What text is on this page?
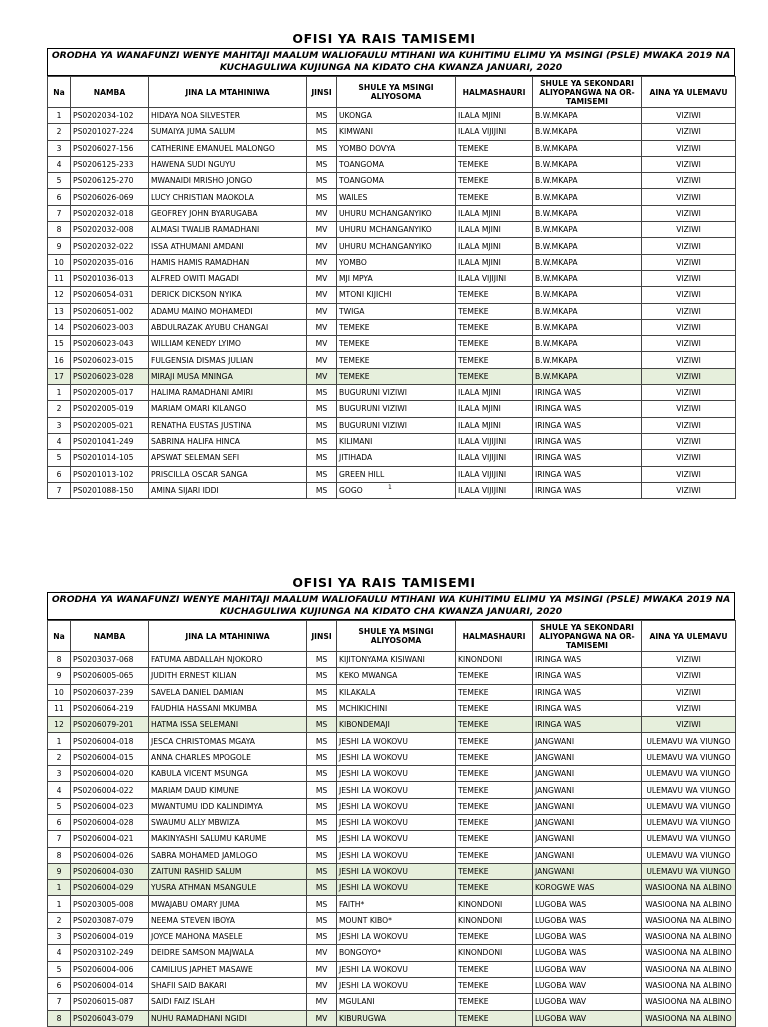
OFISI YA RAIS TAMISEMI
ORODHA YA WANAFUNZI WENYE MAHITAJI MAALUM WALIOFAULU MTIHANI WA KUHITIMU ELIMU YA MSINGI (PSLE) MWAKA 2019 NA KUCHAGULIWA KUJIUNGA NA KIDATO CHA KWANZA JANUARI, 2020
Na	NAMBA	JINA LA MTAHINIWA	JINSI	SHULE YA MSINGI ALIYOSOMA	HALMASHAURI	SHULE YA SEKONDARI ALIYOPANGWA NA OR-TAMISEMI	AINA YA ULEMAVU
1	PS0202034-102	HIDAYA NOA SILVESTER	MS	UKONGA	ILALA MJINI	B.W.MKAPA	VIZIWI
2	PS0201027-224	SUMAIYA JUMA SALUM	MS	KIMWANI	ILALA VIJIJINI	B.W.MKAPA	VIZIWI
3	PS0206027-156	CATHERINE EMANUEL MALONGO	MS	YOMBO DOVYA	TEMEKE	B.W.MKAPA	VIZIWI
4	PS0206125-233	HAWENA SUDI NGUYU	MS	TOANGOMA	TEMEKE	B.W.MKAPA	VIZIWI
5	PS0206125-270	MWANAIDI MRISHO JONGO	MS	TOANGOMA	TEMEKE	B.W.MKAPA	VIZIWI
6	PS0206026-069	LUCY CHRISTIAN MAOKOLA	MS	WAILES	TEMEKE	B.W.MKAPA	VIZIWI
7	PS0202032-018	GEOFREY JOHN BYARUGABA	MV	UHURU MCHANGANYIKO	ILALA MJINI	B.W.MKAPA	VIZIWI
8	PS0202032-008	ALMASI TWALIB RAMADHANI	MV	UHURU MCHANGANYIKO	ILALA MJINI	B.W.MKAPA	VIZIWI
9	PS0202032-022	ISSA ATHUMANI AMDANI	MV	UHURU MCHANGANYIKO	ILALA MJINI	B.W.MKAPA	VIZIWI
10	PS0202035-016	HAMIS HAMIS RAMADHAN	MV	YOMBO	ILALA MJINI	B.W.MKAPA	VIZIWI
11	PS0201036-013	ALFRED OWITI MAGADI	MV	MJI MPYA	ILALA VIJIJINI	B.W.MKAPA	VIZIWI
12	PS0206054-031	DERICK DICKSON NYIKA	MV	MTONI KIJICHI	TEMEKE	B.W.MKAPA	VIZIWI
13	PS0206051-002	ADAMU MAINO MOHAMEDI	MV	TWIGA	TEMEKE	B.W.MKAPA	VIZIWI
14	PS0206023-003	ABDULRAZAK AYUBU CHANGAI	MV	TEMEKE	TEMEKE	B.W.MKAPA	VIZIWI
15	PS0206023-043	WILLIAM KENEDY LYIMO	MV	TEMEKE	TEMEKE	B.W.MKAPA	VIZIWI
16	PS0206023-015	FULGENSIA DISMAS JULIAN	MV	TEMEKE	TEMEKE	B.W.MKAPA	VIZIWI
17	PS0206023-028	MIRAJI MUSA MNINGA	MV	TEMEKE	TEMEKE	B.W.MKAPA	VIZIWI
1	PS0202005-017	HALIMA RAMADHANI AMIRI	MS	BUGURUNI VIZIWI	ILALA MJINI	IRINGA WAS	VIZIWI
2	PS0202005-019	MARIAM OMARI KILANGO	MS	BUGURUNI VIZIWI	ILALA MJINI	IRINGA WAS	VIZIWI
3	PS0202005-021	RENATHA EUSTAS JUSTINA	MS	BUGURUNI VIZIWI	ILALA MJINI	IRINGA WAS	VIZIWI
4	PS0201041-249	SABRINA HALIFA HINCA	MS	KILIMANI	ILALA VIJIJINI	IRINGA WAS	VIZIWI
5	PS0201014-105	APSWAT SELEMAN SEFI	MS	JITIHADA	ILALA VIJIJINI	IRINGA WAS	VIZIWI
6	PS0201013-102	PRISCILLA OSCAR SANGA	MS	GREEN HILL	ILALA VIJIJINI	IRINGA WAS	VIZIWI
7	PS0201088-150	AMINA SIJARI IDDI	MS	GOGO	ILALA VIJIJINI	IRINGA WAS	VIZIWI
1
OFISI YA RAIS TAMISEMI
ORODHA YA WANAFUNZI WENYE MAHITAJI MAALUM WALIOFAULU MTIHANI WA KUHITIMU ELIMU YA MSINGI (PSLE) MWAKA 2019 NA KUCHAGULIWA KUJIUNGA NA KIDATO CHA KWANZA JANUARI, 2020
Na	NAMBA	JINA LA MTAHINIWA	JINSI	SHULE YA MSINGI ALIYOSOMA	HALMASHAURI	SHULE YA SEKONDARI ALIYOPANGWA NA OR-TAMISEMI	AINA YA ULEMAVU
8	PS0203037-068	FATUMA ABDALLAH NJOKORO	MS	KIJITONYAMA KISIWANI	KINONDONI	IRINGA WAS	VIZIWI
9	PS0206005-065	JUDITH ERNEST KILIAN	MS	KEKO MWANGA	TEMEKE	IRINGA WAS	VIZIWI
10	PS0206037-239	SAVELA DANIEL DAMIAN	MS	KILAKALA	TEMEKE	IRINGA WAS	VIZIWI
11	PS0206064-219	FAUDHIA HASSANI MKUMBA	MS	MCHIKICHINI	TEMEKE	IRINGA WAS	VIZIWI
12	PS0206079-201	HATMA ISSA SELEMANI	MS	KIBONDEMAJI	TEMEKE	IRINGA WAS	VIZIWI
1	PS0206004-018	JESCA CHRISTOMAS MGAYA	MS	JESHI LA WOKOVU	TEMEKE	JANGWANI	ULEMAVU WA VIUNGO
2	PS0206004-015	ANNA CHARLES MPOGOLE	MS	JESHI LA WOKOVU	TEMEKE	JANGWANI	ULEMAVU WA VIUNGO
3	PS0206004-020	KABULA VICENT MSUNGA	MS	JESHI LA WOKOVU	TEMEKE	JANGWANI	ULEMAVU WA VIUNGO
4	PS0206004-022	MARIAM DAUD KIMUNE	MS	JESHI LA WOKOVU	TEMEKE	JANGWANI	ULEMAVU WA VIUNGO
5	PS0206004-023	MWANTUMU IDD KALINDIMYA	MS	JESHI LA WOKOVU	TEMEKE	JANGWANI	ULEMAVU WA VIUNGO
6	PS0206004-028	SWAUMU ALLY MBWIZA	MS	JESHI LA WOKOVU	TEMEKE	JANGWANI	ULEMAVU WA VIUNGO
7	PS0206004-021	MAKINYASHI SALUMU KARUME	MS	JESHI LA WOKOVU	TEMEKE	JANGWANI	ULEMAVU WA VIUNGO
8	PS0206004-026	SABRA MOHAMED JAMLOGO	MS	JESHI LA WOKOVU	TEMEKE	JANGWANI	ULEMAVU WA VIUNGO
9	PS0206004-030	ZAITUNI RASHID SALUM	MS	JESHI LA WOKOVU	TEMEKE	JANGWANI	ULEMAVU WA VIUNGO
1	PS0206004-029	YUSRA ATHMAN MSANGULE	MS	JESHI LA WOKOVU	TEMEKE	KOROGWE WAS	WASIOONA NA ALBINO
1	PS0203005-008	MWAJABU OMARY JUMA	MS	FAITH*	KINONDONI	LUGOBA WAS	WASIOONA NA ALBINO
2	PS0203087-079	NEEMA STEVEN IBOYA	MS	MOUNT KIBO*	KINONDONI	LUGOBA WAS	WASIOONA NA ALBINO
3	PS0206004-019	JOYCE MAHONA MASELE	MS	JESHI LA WOKOVU	TEMEKE	LUGOBA WAS	WASIOONA NA ALBINO
4	PS0203102-249	DEIDRE SAMSON MAJWALA	MV	BONGOYO*	KINONDONI	LUGOBA WAS	WASIOONA NA ALBINO
5	PS0206004-006	CAMILIUS JAPHET MASAWE	MV	JESHI LA WOKOVU	TEMEKE	LUGOBA WAV	WASIOONA NA ALBINO
6	PS0206004-014	SHAFII SAID BAKARI	MV	JESHI LA WOKOVU	TEMEKE	LUGOBA WAV	WASIOONA NA ALBINO
7	PS0206015-087	SAIDI FAIZ ISLAH	MV	MGULANI	TEMEKE	LUGOBA WAV	WASIOONA NA ALBINO
8	PS0206043-079	NUHU RAMADHANI NGIDI	MV	KIBURUGWA	TEMEKE	LUGOBA WAV	WASIOONA NA ALBINO
